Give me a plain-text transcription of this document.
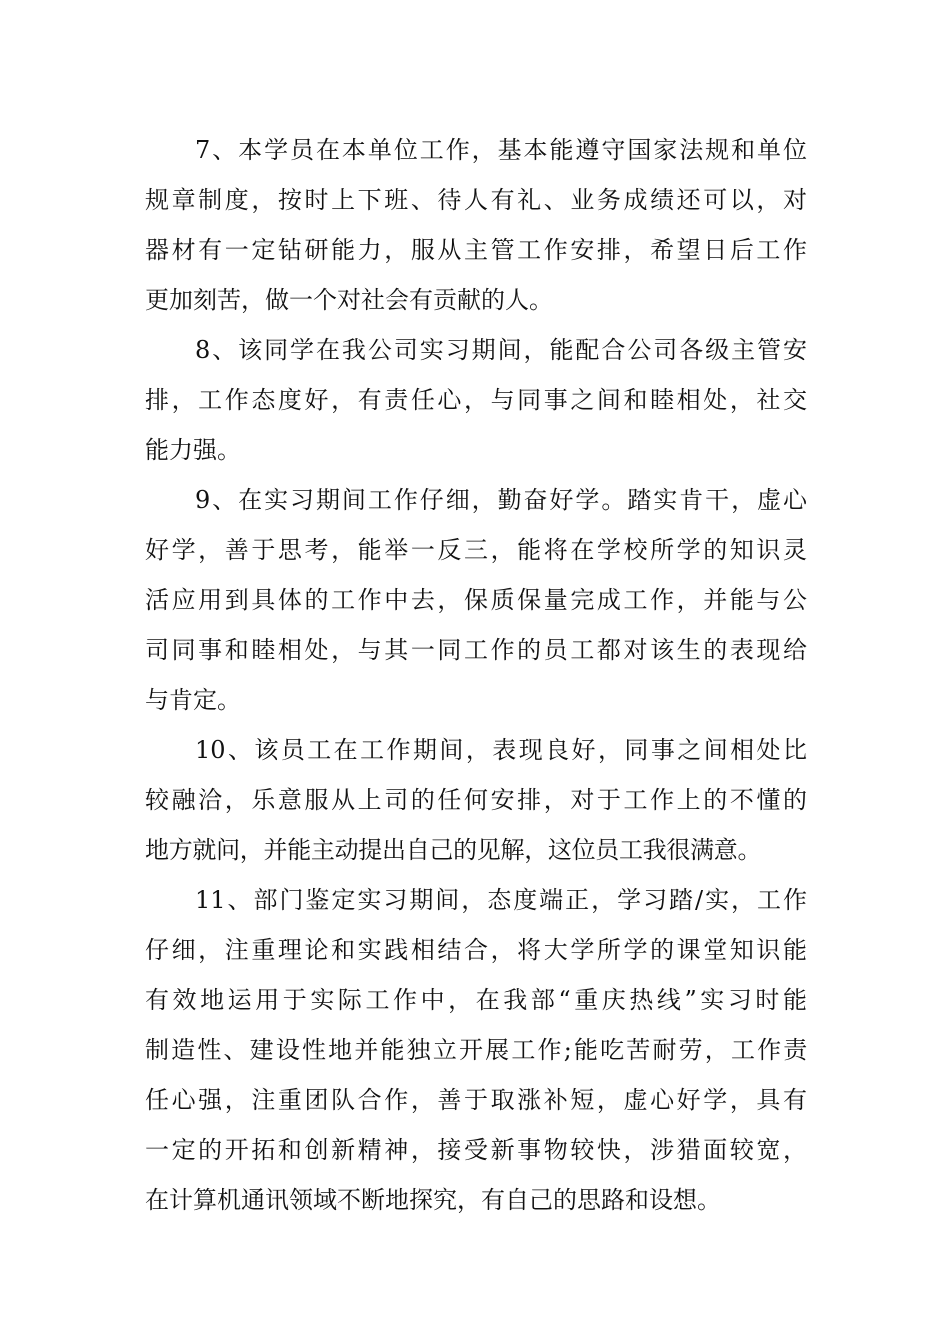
7、本学员在本单位工作，基本能遵守国家法规和单位
规章制度，按时上下班、待人有礼、业务成绩还可以，对
器材有一定钻研能力，服从主管工作安排，希望日后工作
更加刻苦，做一个对社会有贡献的人。
8、该同学在我公司实习期间，能配合公司各级主管安
排，工作态度好，有责任心，与同事之间和睦相处，社交
能力强。
9、在实习期间工作仔细，勤奋好学。踏实肯干，虚心
好学，善于思考，能举一反三，能将在学校所学的知识灵
活应用到具体的工作中去，保质保量完成工作，并能与公
司同事和睦相处，与其一同工作的员工都对该生的表现给
与肯定。
10、该员工在工作期间，表现良好，同事之间相处比
较融洽，乐意服从上司的任何安排，对于工作上的不懂的
地方就问，并能主动提出自己的见解，这位员工我很满意。
11、部门鉴定实习期间，态度端正，学习踏/实，工作
仔细，注重理论和实践相结合，将大学所学的课堂知识能
有效地运用于实际工作中，在我部“重庆热线”实习时能
制造性、建设性地并能独立开展工作;能吃苦耐劳，工作责
任心强，注重团队合作，善于取涨补短，虚心好学，具有
一定的开拓和创新精神，接受新事物较快，涉猎面较宽，
在计算机通讯领域不断地探究，有自己的思路和设想。
